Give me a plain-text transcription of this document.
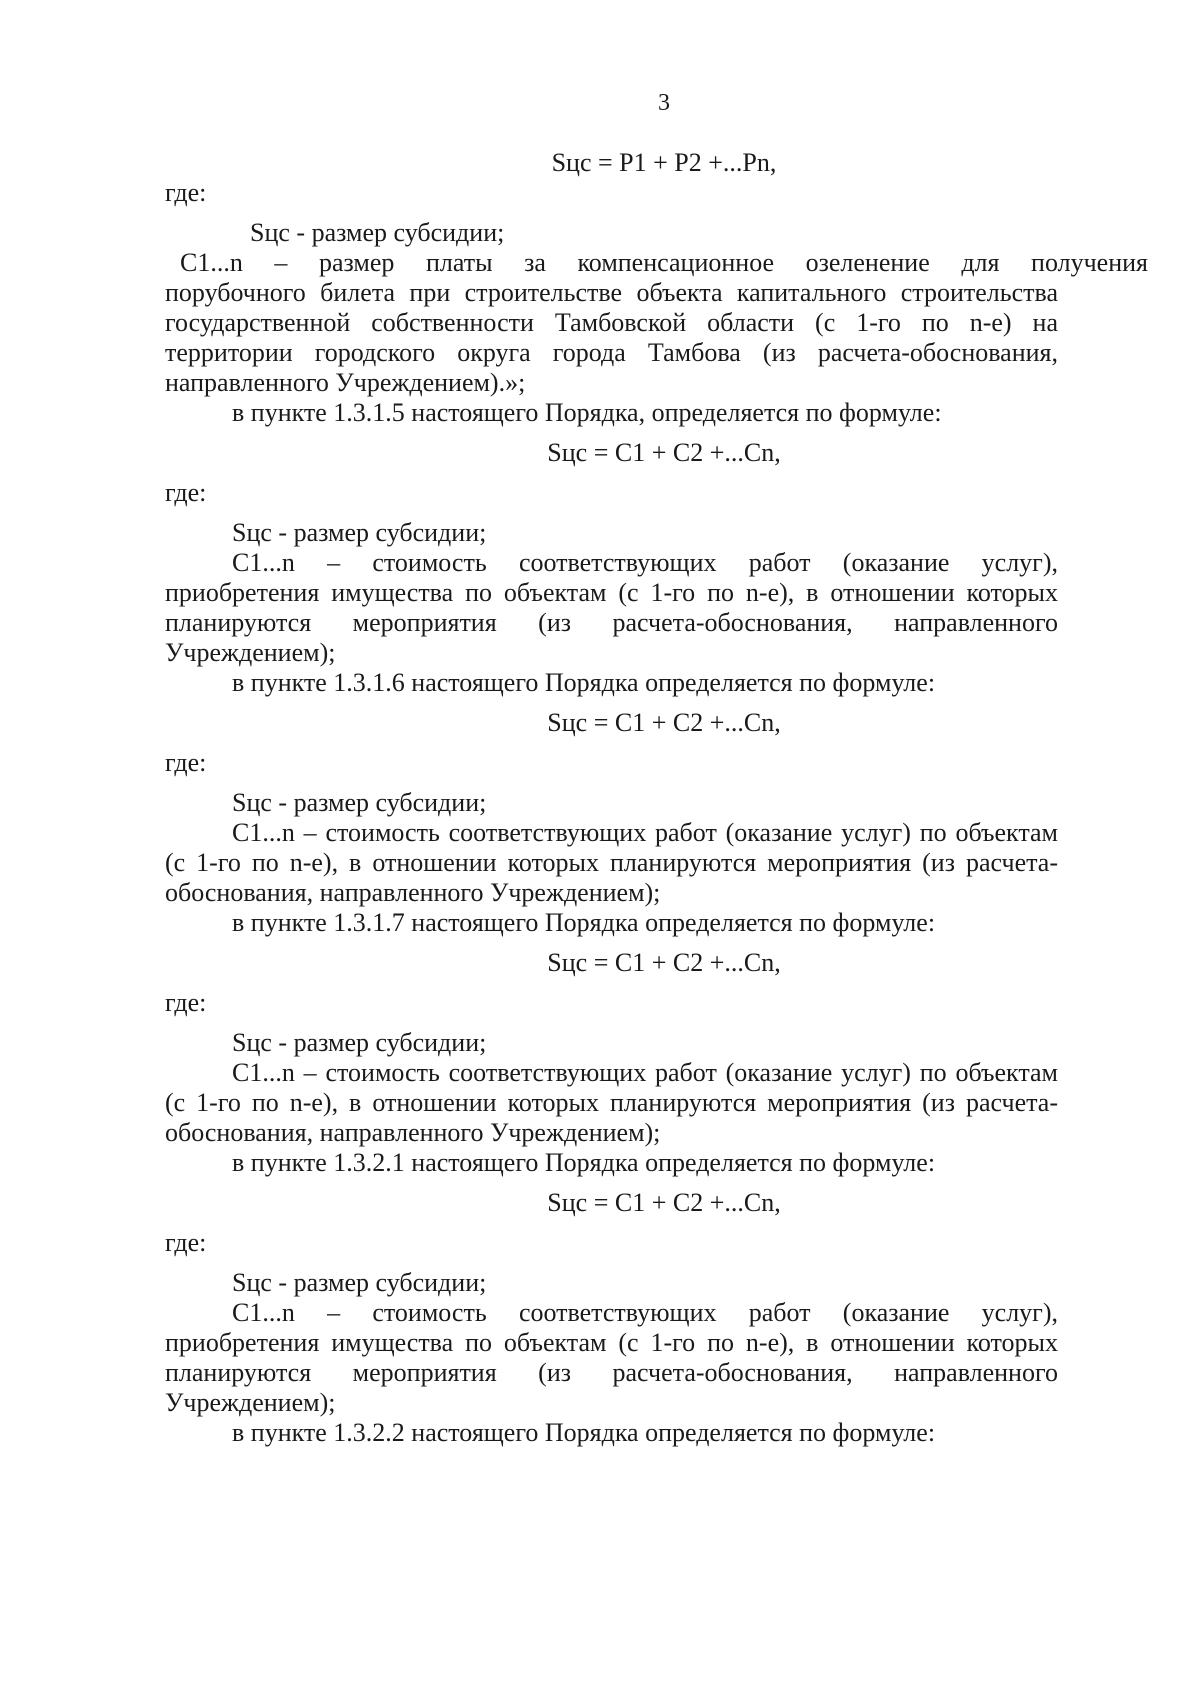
3
Sцс = P1 + P2 +...Pn,
где:
Sцс - размер субсидии;
C1...n – размер платы за компенсационное озеленение для получения
порубочного билета при строительстве объекта капитального строительства
государственной собственности Тамбовской области (с 1-го по n-е) на
территории городского округа города Тамбова (из расчета-обоснования,
направленного Учреждением).»;
в пункте 1.3.1.5 настоящего Порядка, определяется по формуле:
Sцс = C1 + C2 +...Cn,
где:
Sцс - размер субсидии;
C1...n – стоимость соответствующих работ (оказание услуг),
приобретения имущества по объектам (с 1-го по n-е), в отношении которых
планируются мероприятия (из расчета-обоснования, направленного
Учреждением);
в пункте 1.3.1.6 настоящего Порядка определяется по формуле:
Sцс = C1 + C2 +...Cn,
где:
Sцс - размер субсидии;
C1...n – стоимость соответствующих работ (оказание услуг) по объектам
(с 1-го по n-е), в отношении которых планируются мероприятия (из расчета-
обоснования, направленного Учреждением);
в пункте 1.3.1.7 настоящего Порядка определяется по формуле:
Sцс = C1 + C2 +...Cn,
где:
Sцс - размер субсидии;
C1...n – стоимость соответствующих работ (оказание услуг) по объектам
(с 1-го по n-е), в отношении которых планируются мероприятия (из расчета-
обоснования, направленного Учреждением);
в пункте 1.3.2.1 настоящего Порядка определяется по формуле:
Sцс = C1 + C2 +...Cn,
где:
Sцс - размер субсидии;
C1...n – стоимость соответствующих работ (оказание услуг),
приобретения имущества по объектам (с 1-го по n-е), в отношении которых
планируются мероприятия (из расчета-обоснования, направленного
Учреждением);
в пункте 1.3.2.2 настоящего Порядка определяется по формуле:
